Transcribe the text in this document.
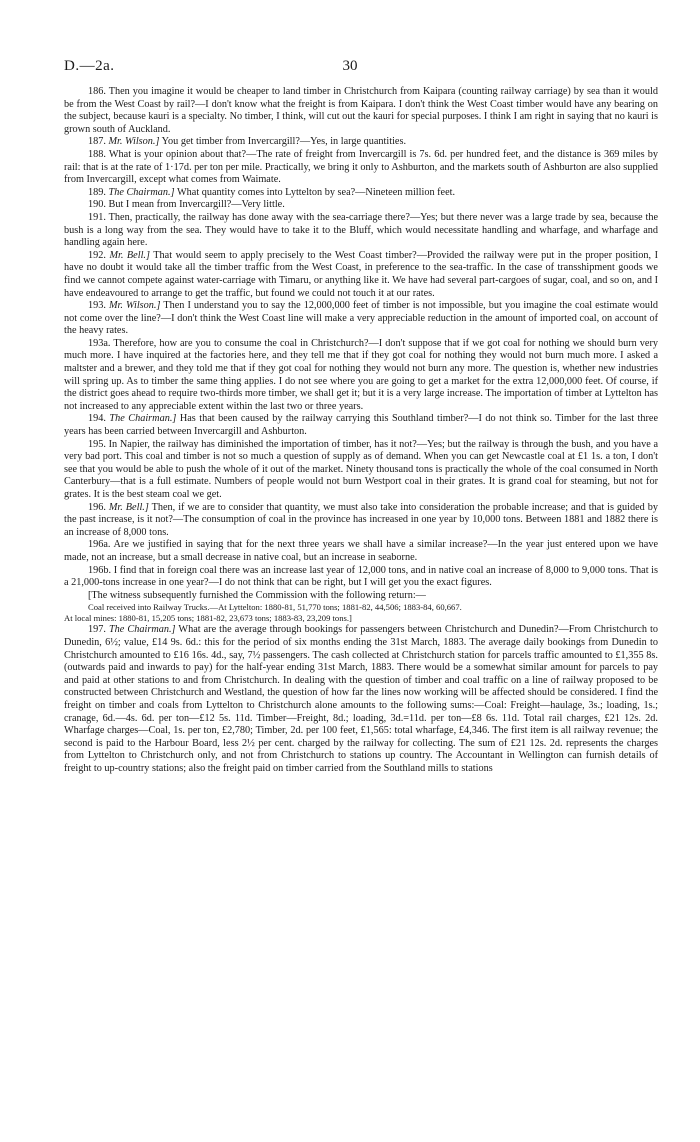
D.—2a.	30

186. Then you imagine it would be cheaper to land timber in Christchurch from Kaipara (counting railway carriage) by sea than it would be from the West Coast by rail?—I don't know what the freight is from Kaipara. I don't think the West Coast timber would have any bearing on the subject, because kauri is a specialty. No timber, I think, will cut out the kauri for special purposes. I think I am right in saying that no kauri is grown south of Auckland.

187. Mr. Wilson.] You get timber from Invercargill?—Yes, in large quantities.

188. What is your opinion about that?—The rate of freight from Invercargill is 7s. 6d. per hundred feet, and the distance is 369 miles by rail: that is at the rate of 1·17d. per ton per mile. Practically, we bring it only to Ashburton, and the markets south of Ashburton are also supplied from Invercargill, except what comes from Waimate.

189. The Chairman.] What quantity comes into Lyttelton by sea?—Nineteen million feet.

190. But I mean from Invercargill?—Very little.

191. Then, practically, the railway has done away with the sea-carriage there?—Yes; but there never was a large trade by sea, because the bush is a long way from the sea. They would have to take it to the Bluff, which would necessitate handling and wharfage, and wharfage and handling again here.

192. Mr. Bell.] That would seem to apply precisely to the West Coast timber?—Provided the railway were put in the proper position, I have no doubt it would take all the timber traffic from the West Coast, in preference to the sea-traffic. In the case of transshipment goods we find we cannot compete against water-carriage with Timaru, or anything like it. We have had several part-cargoes of sugar, coal, and so on, and I have endeavoured to arrange to get the traffic, but found we could not touch it at our rates.

193. Mr. Wilson.] Then I understand you to say the 12,000,000 feet of timber is not impossible, but you imagine the coal estimate would not come over the line?—I don't think the West Coast line will make a very appreciable reduction in the amount of imported coal, on account of the heavy rates.

193a. Therefore, how are you to consume the coal in Christchurch?—I don't suppose that if we got coal for nothing we should burn very much more. I have inquired at the factories here, and they tell me that if they got coal for nothing they would not burn much more. I asked a maltster and a brewer, and they told me that if they got coal for nothing they would not burn any more. The question is, whether new industries will spring up. As to timber the same thing applies. I do not see where you are going to get a market for the extra 12,000,000 feet. Of course, if the district goes ahead to require two-thirds more timber, we shall get it; but it is a very large increase. The importation of timber at Lyttelton has not increased to any appreciable extent within the last two or three years.

194. The Chairman.] Has that been caused by the railway carrying this Southland timber?—I do not think so. Timber for the last three years has been carried between Invercargill and Ashburton.

195. In Napier, the railway has diminished the importation of timber, has it not?—Yes; but the railway is through the bush, and you have a very bad port. This coal and timber is not so much a question of supply as of demand. When you can get Newcastle coal at £1 1s. a ton, I don't see that you would be able to push the whole of it out of the market. Ninety thousand tons is practically the whole of the coal consumed in North Canterbury—that is a full estimate. Numbers of people would not burn Westport coal in their grates. It is grand coal for steaming, but not for grates. It is the best steam coal we get.

196. Mr. Bell.] Then, if we are to consider that quantity, we must also take into consideration the probable increase; and that is guided by the past increase, is it not?—The consumption of coal in the province has increased in one year by 10,000 tons. Between 1881 and 1882 there is an increase of 8,000 tons.

196a. Are we justified in saying that for the next three years we shall have a similar increase?—In the year just entered upon we have made, not an increase, but a small decrease in native coal, but an increase in seaborne.

196b. I find that in foreign coal there was an increase last year of 12,000 tons, and in native coal an increase of 8,000 to 9,000 tons. That is a 21,000-tons increase in one year?—I do not think that can be right, but I will get you the exact figures.

[The witness subsequently furnished the Commission with the following return:—

Coal received into Railway Trucks.—At Lyttelton: 1880-81, 51,770 tons; 1881-82, 44,506; 1883-84, 60,667.

At local mines: 1880-81, 15,205 tons; 1881-82, 23,673 tons; 1883-83, 23,209 tons.]

197. The Chairman.] What are the average through bookings for passengers between Christchurch and Dunedin?—From Christchurch to Dunedin, 6½; value, £14 9s. 6d.: this for the period of six months ending the 31st March, 1883. The average daily bookings from Dunedin to Christchurch amounted to £16 16s. 4d., say, 7½ passengers. The cash collected at Christchurch station for parcels traffic amounted to £1,355 8s. (outwards paid and inwards to pay) for the half-year ending 31st March, 1883. There would be a somewhat similar amount for parcels to pay and paid at other stations to and from Christchurch. In dealing with the question of timber and coal traffic on a line of railway proposed to be constructed between Christchurch and Westland, the question of how far the lines now working will be affected should be considered. I find the freight on timber and coals from Lyttelton to Christchurch alone amounts to the following sums:—Coal: Freight—haulage, 3s.; loading, 1s.; cranage, 6d.—4s. 6d. per ton—£12 5s. 11d. Timber—Freight, 8d.; loading, 3d.=11d. per ton—£8 6s. 11d. Total rail charges, £21 12s. 2d. Wharfage charges—Coal, 1s. per ton, £2,780; Timber, 2d. per 100 feet, £1,565: total wharfage, £4,346. The first item is all railway revenue; the second is paid to the Harbour Board, less 2½ per cent. charged by the railway for collecting. The sum of £21 12s. 2d. represents the charges from Lyttelton to Christchurch only, and not from Christchurch to stations up country. The Accountant in Wellington can furnish details of freight to up-country stations; also the freight paid on timber carried from the Southland mills to stations
